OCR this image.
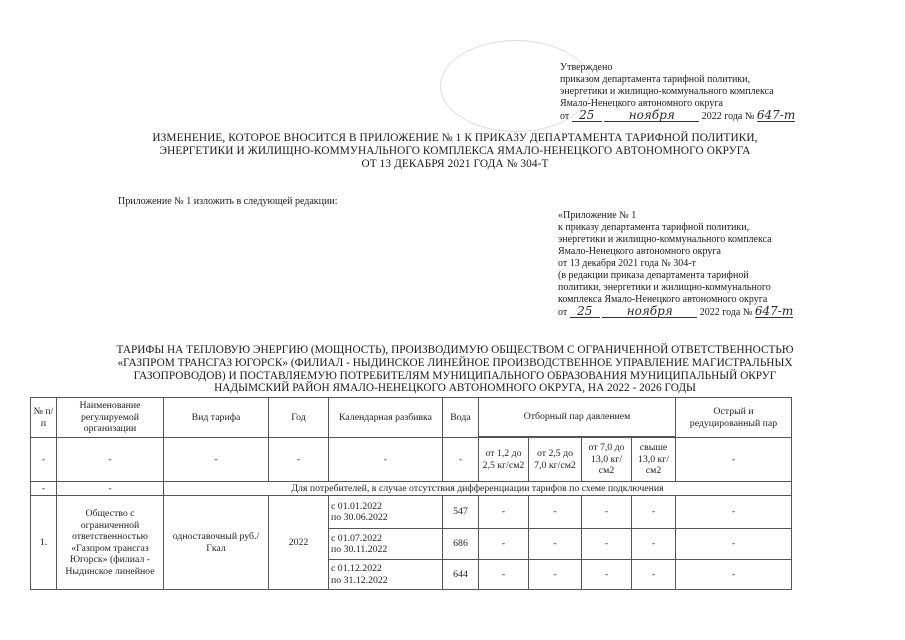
Утверждено
приказом департамента тарифной политики,
энергетики и жилищно-коммунального комплекса
Ямало-Ненецкого автономного округа
от 25	ноября	2022 года № 647-т
ИЗМЕНЕНИЕ, КОТОРОЕ ВНОСИТСЯ В ПРИЛОЖЕНИЕ № 1 К ПРИКАЗУ ДЕПАРТАМЕНТА ТАРИФНОЙ ПОЛИТИКИ,
ЭНЕРГЕТИКИ И ЖИЛИЩНО-КОММУНАЛЬНОГО КОМПЛЕКСА ЯМАЛО-НЕНЕЦКОГО АВТОНОМНОГО ОКРУГА
ОТ 13 ДЕКАБРЯ 2021 ГОДА № 304-Т
Приложение № 1 изложить в следующей редакции:
«Приложение № 1
к приказу департамента тарифной политики,
энергетики и жилищно-коммунального комплекса
Ямало-Ненецкого автономного округа
от 13 декабря 2021 года № 304-т
(в редакции приказа департамента тарифной
политики, энергетики и жилищно-коммунального
комплекса Ямало-Ненецкого автономного округа
от 25	ноября	2022 года № 647-т
ТАРИФЫ НА ТЕПЛОВУЮ ЭНЕРГИЮ (МОЩНОСТЬ), ПРОИЗВОДИМУЮ ОБЩЕСТВОМ С ОГРАНИЧЕННОЙ ОТВЕТСТВЕННОСТЬЮ
«ГАЗПРОМ ТРАНСГАЗ ЮГОРСК» (ФИЛИАЛ - НЫДИНСКОЕ ЛИНЕЙНОЕ ПРОИЗВОДСТВЕННОЕ УПРАВЛЕНИЕ МАГИСТРАЛЬНЫХ
ГАЗОПРОВОДОВ) И ПОСТАВЛЯЕМУЮ ПОТРЕБИТЕЛЯМ МУНИЦИПАЛЬНОГО ОБРАЗОВАНИЯ МУНИЦИПАЛЬНЫЙ ОКРУГ
НАДЫМСКИЙ РАЙОН ЯМАЛО-НЕНЕЦКОГО АВТОНОМНОГО ОКРУГА, НА 2022 - 2026 ГОДЫ
№ п/п	Наименование регулируемой организации	Вид тарифа	Год	Календарная разбивка	Вода	Отборный пар давлением				Острый и редуцированный пар

-	-	-	-	-	-	от 1,2 до 2,5 кг/см2	от 2,5 до 7,0 кг/см2	от 7,0 до 13,0 кг/см2	свыше 13,0 кг/см2	-
-	-	Для потребителей, в случае отсутствия дифференциации тарифов по схеме подключения								
1.	Общество с ограниченной ответственностью «Газпром трансгаз Югорск» (филиал - Ныдинское линейное	одноставочный руб./Гкал	2022	с 01.01.2022
по 30.06.2022	547	-	-	-	-	-

				с 01.07.2022
по 30.11.2022	686	-	-	-	-	-

				с 01.12.2022
по 31.12.2022	644	-	-	-	-	-
